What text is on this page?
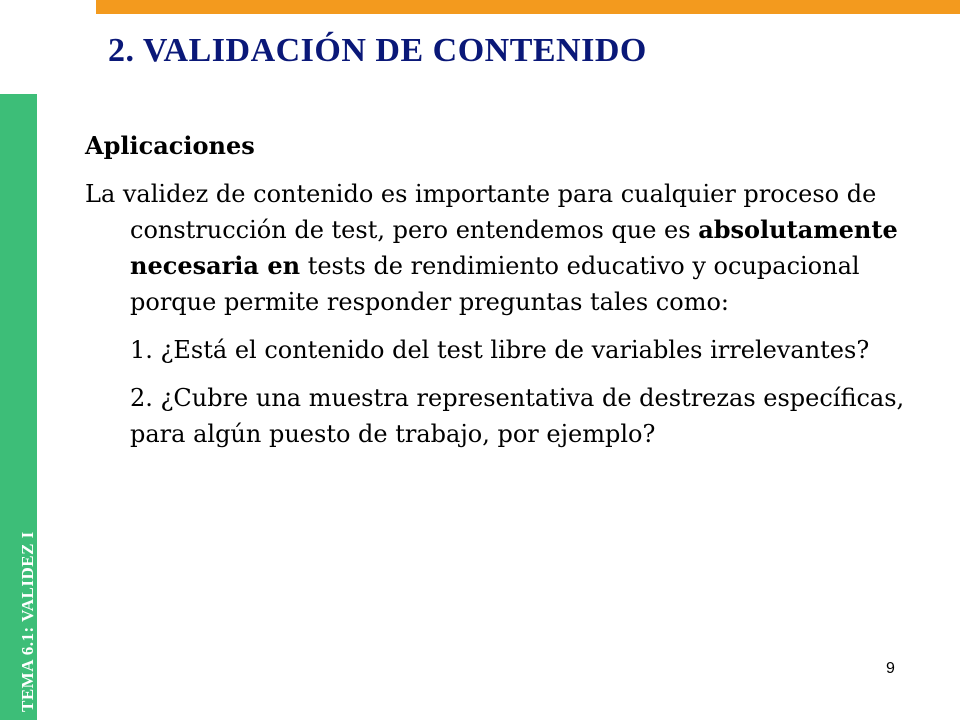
TEMA 6.1: VALIDEZ I
2. VALIDACIÓN DE CONTENIDO

Aplicaciones

La validez de contenido es importante para cualquier proceso de construcción de test, pero entendemos que es absolutamente necesaria en tests de rendimiento educativo y ocupacional porque permite responder preguntas tales como:

1. ¿Está el contenido del test libre de variables irrelevantes?

2. ¿Cubre una muestra representativa de destrezas específicas, para algún puesto de trabajo, por ejemplo?

9
